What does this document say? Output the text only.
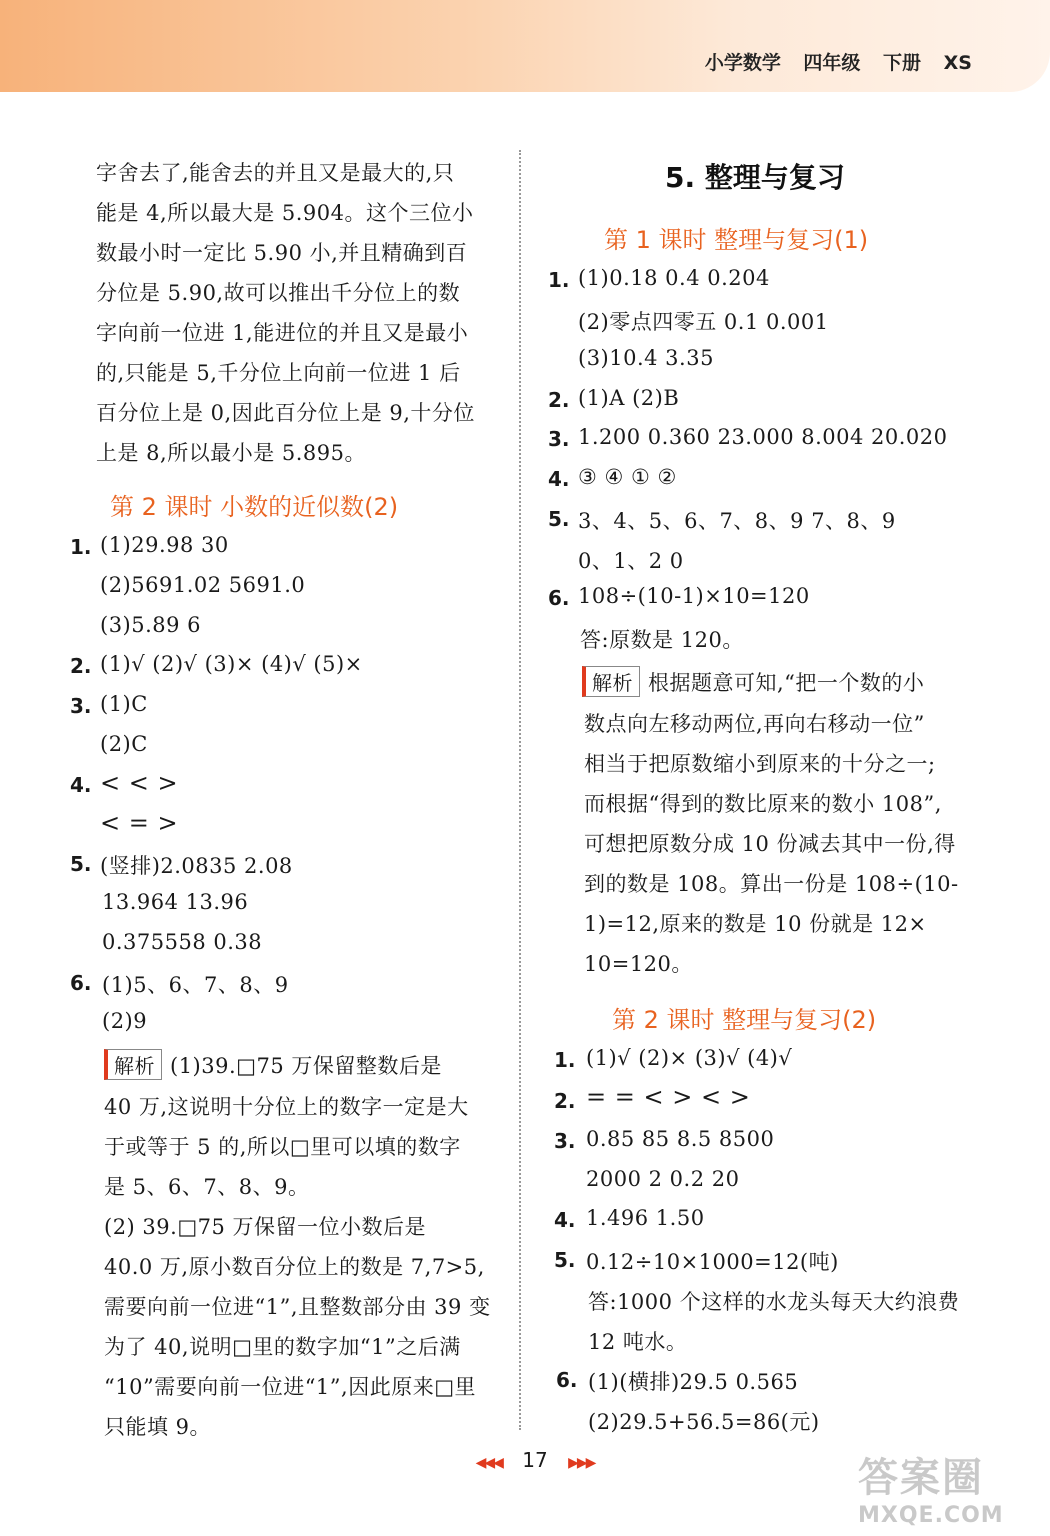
小学数学 四年级 下册 XS
字舍去了,能舍去的并且又是最大的,只
能是 4,所以最大是 5.904。这个三位小
数最小时一定比 5.90 小,并且精确到百
分位是 5.90,故可以推出千分位上的数
字向前一位进 1,能进位的并且又是最小
的,只能是 5,千分位上向前一位进 1 后
百分位上是 0,因此百分位上是 9,十分位
上是 8,所以最小是 5.895。
第 2 课时 小数的近似数(2)
1. (1)29.98 30
(2)5691.02 5691.0
(3)5.89 6
2. (1)√ (2)√ (3)× (4)√ (5)×
3. (1)C
(2)C
4. < < >
< = >
5. (竖排)2.0835 2.08
13.964 13.96
0.375558 0.38
6. (1)5、6、7、8、9
(2)9
解析 (1)39.□75 万保留整数后是
40 万,这说明十分位上的数字一定是大
于或等于 5 的,所以□里可以填的数字
是 5、6、7、8、9。
(2) 39.□75 万保留一位小数后是
40.0 万,原小数百分位上的数是 7,7>5,
需要向前一位进“1”,且整数部分由 39 变
为了 40,说明□里的数字加“1”之后满
“10”需要向前一位进“1”,因此原来□里
只能填 9。
5. 整理与复习
第 1 课时 整理与复习(1)
1. (1)0.18 0.4 0.204
(2)零点四零五 0.1 0.001
(3)10.4 3.35
2. (1)A (2)B
3. 1.200 0.360 23.000 8.004 20.020
4. ③ ④ ① ②
5. 3、4、5、6、7、8、9 7、8、9
0、1、2 0
6. 108÷(10-1)×10=120
答:原数是 120。
解析 根据题意可知,“把一个数的小
数点向左移动两位,再向右移动一位”
相当于把原数缩小到原来的十分之一;
而根据“得到的数比原来的数小 108”,
可想把原数分成 10 份减去其中一份,得
到的数是 108。算出一份是 108÷(10-
1)=12,原来的数是 10 份就是 12×
10=120。
第 2 课时 整理与复习(2)
1. (1)√ (2)× (3)√ (4)√
2. = = < > < >
3. 0.85 85 8.5 8500
2000 2 0.2 20
4. 1.496 1.50
5. 0.12÷10×1000=12(吨)
答:1000 个这样的水龙头每天大约浪费
12 吨水。
6. (1)(横排)29.5 0.565
(2)29.5+56.5=86(元)
◀◀◀ 17 ▶▶▶	答案圈
MXQE.COM
